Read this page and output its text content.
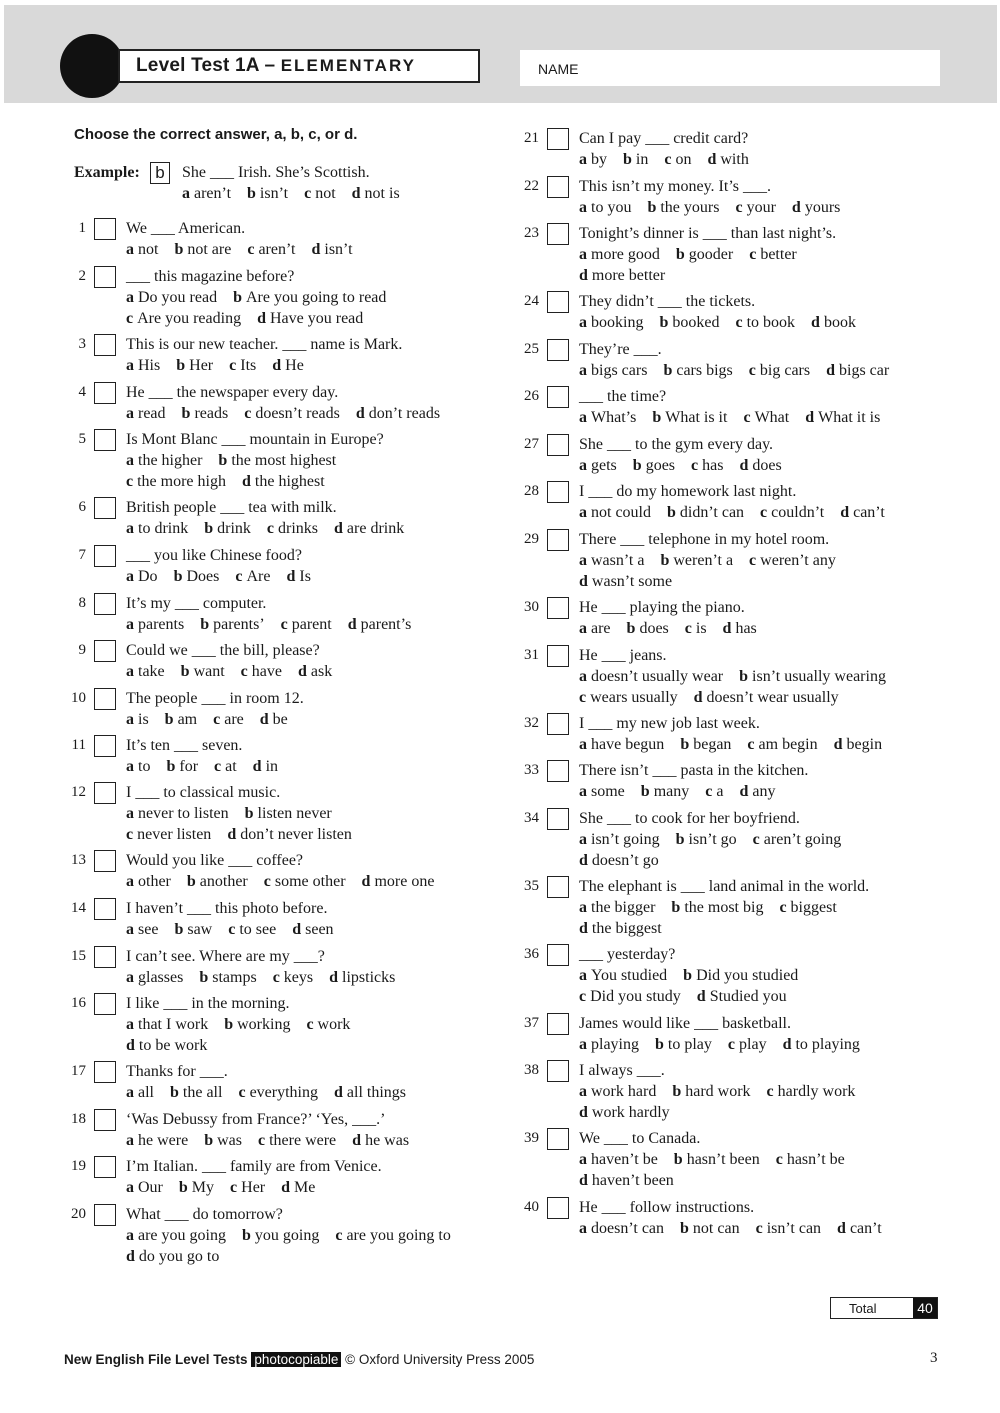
Level Test 1A – ELEMENTARY	NAME
Choose the correct answer, a, b, c, or d.
Example: b	She ___ Irish. She’s Scottish.
a aren’t b isn’t c not d not is
1	We ___ American.
a not b not are c aren’t d isn’t
2	___ this magazine before?
a Do you read b Are you going to read
c Are you reading d Have you read
3	This is our new teacher. ___ name is Mark.
a His b Her c Its d He
4	He ___ the newspaper every day.
a read b reads c doesn’t reads d don’t reads
5	Is Mont Blanc ___ mountain in Europe?
a the higher b the most highest
c the more high d the highest
6	British people ___ tea with milk.
a to drink b drink c drinks d are drink
7	___ you like Chinese food?
a Do b Does c Are d Is
8	It’s my ___ computer.
a parents b parents’ c parent d parent’s
9	Could we ___ the bill, please?
a take b want c have d ask
10	The people ___ in room 12.
a is b am c are d be
11	It’s ten ___ seven.
a to b for c at d in
12	I ___ to classical music.
a never to listen b listen never
c never listen d don’t never listen
13	Would you like ___ coffee?
a other b another c some other d more one
14	I haven’t ___ this photo before.
a see b saw c to see d seen
15	I can’t see. Where are my ___?
a glasses b stamps c keys d lipsticks
16	I like ___ in the morning.
a that I work b working c work
d to be work
17	Thanks for ___.
a all b the all c everything d all things
18	‘Was Debussy from France?’ ‘Yes, ___.’
a he were b was c there were d he was
19	I’m Italian. ___ family are from Venice.
a Our b My c Her d Me
20	What ___ do tomorrow?
a are you going b you going c are you going to
d do you go to
21	Can I pay ___ credit card?
a by b in c on d with
22	This isn’t my money. It’s ___.
a to you b the yours c your d yours
23	Tonight’s dinner is ___ than last night’s.
a more good b gooder c better
d more better
24	They didn’t ___ the tickets.
a booking b booked c to book d book
25	They’re ___.
a bigs cars b cars bigs c big cars d bigs car
26	___ the time?
a What’s b What is it c What d What it is
27	She ___ to the gym every day.
a gets b goes c has d does
28	I ___ do my homework last night.
a not could b didn’t can c couldn’t d can’t
29	There ___ telephone in my hotel room.
a wasn’t a b weren’t a c weren’t any
d wasn’t some
30	He ___ playing the piano.
a are b does c is d has
31	He ___ jeans.
a doesn’t usually wear b isn’t usually wearing
c wears usually d doesn’t wear usually
32	I ___ my new job last week.
a have begun b began c am begin d begin
33	There isn’t ___ pasta in the kitchen.
a some b many c a d any
34	She ___ to cook for her boyfriend.
a isn’t going b isn’t go c aren’t going
d doesn’t go
35	The elephant is ___ land animal in the world.
a the bigger b the most big c biggest
d the biggest
36	___ yesterday?
a You studied b Did you studied
c Did you study d Studied you
37	James would like ___ basketball.
a playing b to play c play d to playing
38	I always ___.
a work hard b hard work c hardly work
d work hardly
39	We ___ to Canada.
a haven’t be b hasn’t been c hasn’t be
d haven’t been
40	He ___ follow instructions.
a doesn’t can b not can c isn’t can d can’t
Total	40
New English File Level Tests photocopiable © Oxford University Press 2005	3
